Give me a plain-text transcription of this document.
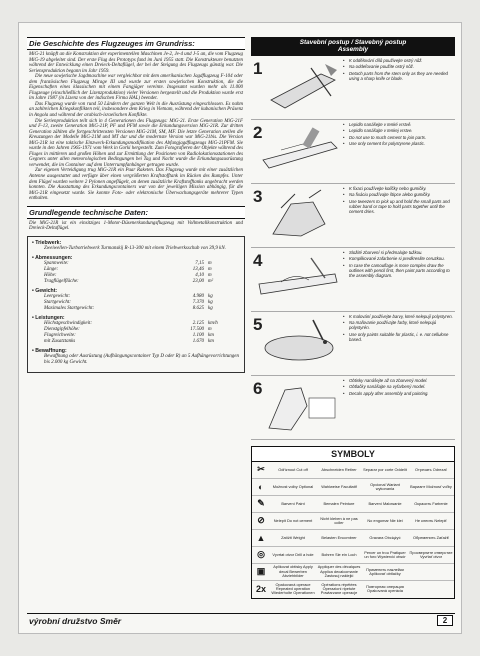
Die Geschichte des Flugzeuges im Grundriss:

MiG-21 knüpft an die Konstruktion der experimentellen Maschinen Je-2, Je-4 und J-5 an, die vom Flugzeug MiG-19 abgeleitet sind. Der erste Flug des Prototyps fand im Juni 1955 statt. Die Konstrukteure benutzten während der Entwicklung einen Dreieck-Deltaflügel, der bei der Steigung des Flugzeugs günstig war. Die Seriensproduktion begann im Jahr 1959.

Die neue sowjetische Jagdmaschine war vergleichbar mit dem amerikanischen Jagdflugzeug F-104 oder dem französischen Flugzeug Mirage III und wurde zur ersten sowjetischen Konstruktion, die die Eigenschaften eines klassischen mit einem Fangjäger vereinte. Insgesamt wurden mehr als 11.000 Flugzeuge (einschließlich der Lizenzproduktion) vieler Versionen hergestellt und die Produktion wurde erst im Jahre 1987 (in Lizenz von der indischen Firma HAL) beendet.

Das Flugzeug wurde von rund 50 Ländern der ganzen Welt in die Ausrüstung eingeschlossen. Es nahm an zahlreichen Kriegskonflikten teil, insbesondere dem Krieg in Vietnam, während der kubanischen Präsenz in Angola und während der arabisch-israelischen Konflikte.

Die Serienproduktion teilt sich in 4 Generationen des Flugzeugs: MiG-21. Erste Generation MiG-21F und F-13, zweite Generation MiG-21P, PF und PFM sowie die Erkundungsversion MiG-21R. Zur dritten Generation zählten die fortgeschrittensten Versionen MiG-21M, SM, MF. Die letzte Generation stellen die Kreuzungen der Modelle MiG-21M und MT dar und die modernste Version war MiG-21bis. Die Version MiG-21R ist eine taktische Einzweck-Erkundungsmodifikation des Abfangjagdflugzeugs MiG-21PFM. Sie wurde in den Jahren 1965-1971 vom Werk in Gorki hergestellt. Zum Fotografieren der Objekte während des Fluges in mittleren und großen Höhen und zur Ermittlung der Positionen von Radiolokationsstationen des Gegners unter allen meteorologischen Bedingungen bei Tag und Nacht wurde die Erkundungsausrüstung verwendet, die im Container auf dem Unterrumpfanhänger getragen wurde.

Zur eigenen Verteidigung trug MiG-21R ein Paar Raketen. Das Flugzeug wurde mit einer zusätzlichen Antenne ausgestattet und verfügte über einen vergrößerten Kraftstofftank im Rücken des Rumpfes. Unter dem Flügel wurden weitere 2 Pylonen angeflügelt, an denen zusätzliche Kraftstofftanks angebracht werden konnten. Die Ausstattung des Erkundungscontainers war von der jeweiligen Mission abhängig, für die MiG-21R eingesetzt wurde. Sie konnte Foto- oder elektronische Überwachungsgeräte mehrerer Typen enthalten.

Grundlegende technische Daten:

Die MiG-21R ist ein einsitziges 1-Motor-Düsenerkundungsflugzeug mit Vollmetallkonstruktion und Dreieck-Deltaflügel.

• Triebwerk:
Zweiwellen-Turbotriebwerk Turmanskij R-13-300 mit einem Triebwerksschub von 39,9 kN.
• Abmessungen:
Spannweite:	7,15 m
Länge:	13,46 m
Höhe:	4,10 m
Tragflügelfläche:	23,00 m²
• Gewicht:
Leergewicht:	4.980 kg
Startgewicht:	7.370 kg
Maximales Startgewicht:	8.625 kg
• Leistungen:
Höchstgeschwindigkeit:	2.125 km/h
Dienstgipfelhöhe:	17.500 m
Flugreichweite:	1.100 km
mit Zusatztanks	1.670 km
• Bewaffnung:
Bewaffnung oder Ausrüstung (Aufhängungscontainer Typ D oder R) an 5 Aufhängevorrichtungen bis 2.000 kg Gewicht.
Stavební postup / Stavebný postup
Assembly
1	•	K oddělování dílů použivejte ostrý nůž.
•	Na oddeľovanie použite ostrý nôž.
•	Detach parts from the stem only as they are needed using a sharp knife or blade.
2	•	Lepidlo nanášejte v tenké vrstvě.
•	Lepidlo nanášajte v tenkej vrstve.
•	Do not use to much cement to join parts.
•	Use only cement for polystyrene plastic.
3	•	K fixaci používejte kolíčky nebo gumičky.
•	Na fixáciu používajte štipce alebo gumičky.
•	Use tweezers to pick up and hold the small parts and rubber band or tape to hold parts together until the cement dries.
4	•	Složité zbarvení si předmalujte tužkou.
•	Komplikované zafarbenie si predkreslite ceruzkou.
•	In case the camouflage is more complex draw the outlines with pencil first, then paint parts according to the assembly diagram.
5	•	K malování používejte barvy, které nelepují polystyren.
•	Na maľovanie používajte farby, ktoré nelepujú polystyrén.
•	Use only paints suitable for plastic, i. e. not cellulose based.
6	•	Obtisky nanášejte až na zbarvený model.
•	Obtlačky nanášajte na vyfarbený model.
•	Decals apply after assembly and painting.
SYMBOLY
✂	Odříznout Cut off	Abschneiden Retirer	Separar por corte Oddelit	Отрезать Odrezať
◐	Možnost volby Optional	Wahlweise Facultatif	Opcional Wariant wykonania	Вариант Možnosť voľby
✎	Barvení Paint	Bemalen Peinture	Barvení Malowanie	Окрасить Farbenie
⊘	Nelepit Do not cement	Nicht kleben à ne pas coller	No engomar Nie klei	Не клеить Nelepiť
▲	Zatížit Weight	Belasten Encombrer	Gravara Obciążyć	Обременить Zaťažiť
◎	Vyvrtat otvor Drill a hole	Bohren Sie ein Loch	Percer un trou Pratiquer un foro Wywiercić otwór
Просверлите отверстие Vyvŕtať otvor
▣	Aplikovat obtisky Apply decal Bewerben Abziehbilder
Appliquer des décalques Applica decalcomanie Zastosuj naklejki
Применить наклейки Aplikovať obtlačky
2x	Opakovaná operace Repeated operation Wiederholte Operationen
Opérations répétées Operazioni ripetute Powtarzane operacje
Повторная операция Opakovaná operácia
výrobní družstvo Směr	2
